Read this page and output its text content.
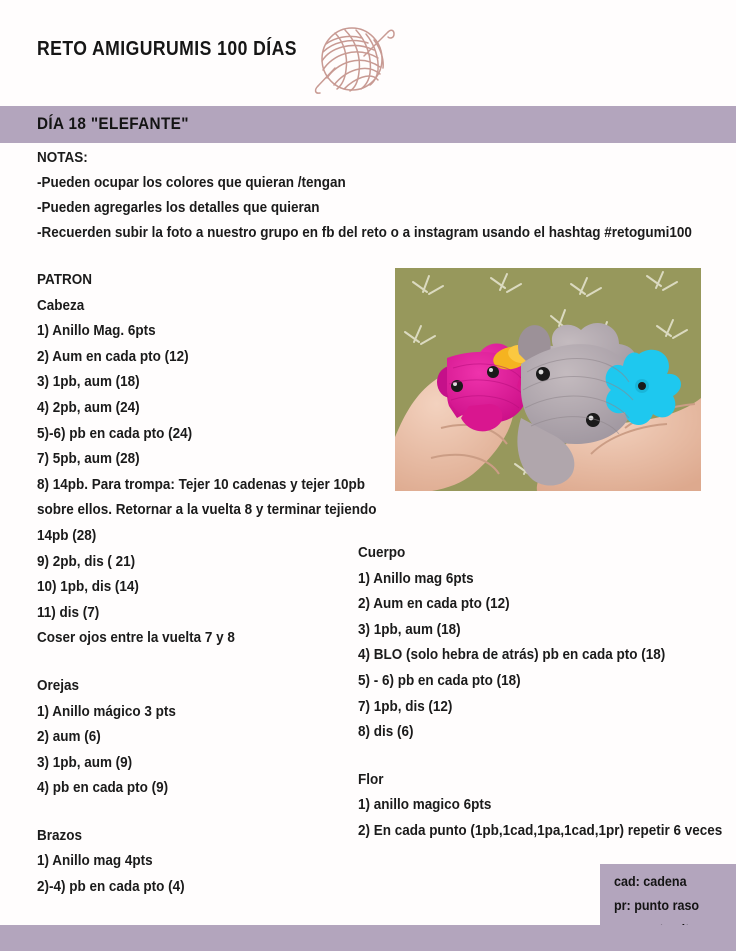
RETO AMIGURUMIS 100 DÍAS
DÍA 18 "ELEFANTE"
NOTAS:
-Pueden ocupar los colores que quieran /tengan
-Pueden agregarles los detalles que quieran
-Recuerden subir la foto a nuestro grupo en fb del reto o a instagram usando el hashtag #retogumi100
PATRON
Cabeza
1) Anillo Mag. 6pts
2) Aum en cada pto (12)
3) 1pb, aum (18)
4) 2pb, aum (24)
5)-6) pb en cada pto (24)
7) 5pb, aum (28)
8) 14pb. Para trompa: Tejer 10 cadenas y tejer 10pb
sobre ellos. Retornar a la vuelta 8 y terminar tejiendo
14pb (28)
9) 2pb, dis ( 21)
10) 1pb, dis (14)
11) dis (7)
Coser ojos entre la vuelta 7 y 8
Orejas
1) Anillo mágico 3 pts
2) aum (6)
3) 1pb, aum (9)
4) pb en cada pto (9)
Brazos
1) Anillo mag 4pts
2)-4) pb en cada pto (4)
Cuerpo
1) Anillo mag 6pts
2) Aum en cada pto (12)
3) 1pb, aum (18)
4) BLO (solo hebra de atrás) pb en cada pto (18)
5) - 6) pb en cada pto (18)
7) 1pb, dis (12)
8) dis (6)
Flor
1) anillo magico 6pts
2) En cada punto (1pb,1cad,1pa,1cad,1pr) repetir 6 veces
cad: cadena
pr: punto raso
